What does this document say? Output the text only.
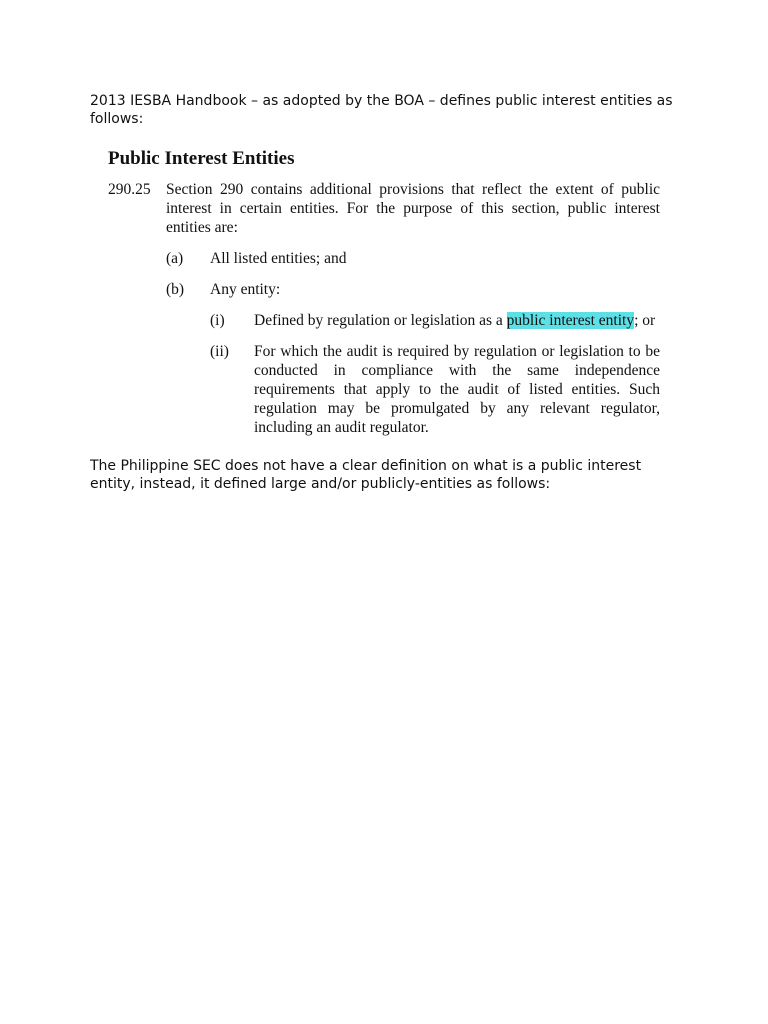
2013 IESBA Handbook – as adopted by the BOA – defines public interest entities as follows:

Public Interest Entities
290.25 Section 290 contains additional provisions that reflect the extent of public interest in certain entities. For the purpose of this section, public interest entities are:
(a) All listed entities; and
(b) Any entity:
(i) Defined by regulation or legislation as a public interest entity; or
(ii) For which the audit is required by regulation or legislation to be conducted in compliance with the same independence requirements that apply to the audit of listed entities. Such regulation may be promulgated by any relevant regulator, including an audit regulator.

The Philippine SEC does not have a clear definition on what is a public interest entity, instead, it defined large and/or publicly-entities as follows:
